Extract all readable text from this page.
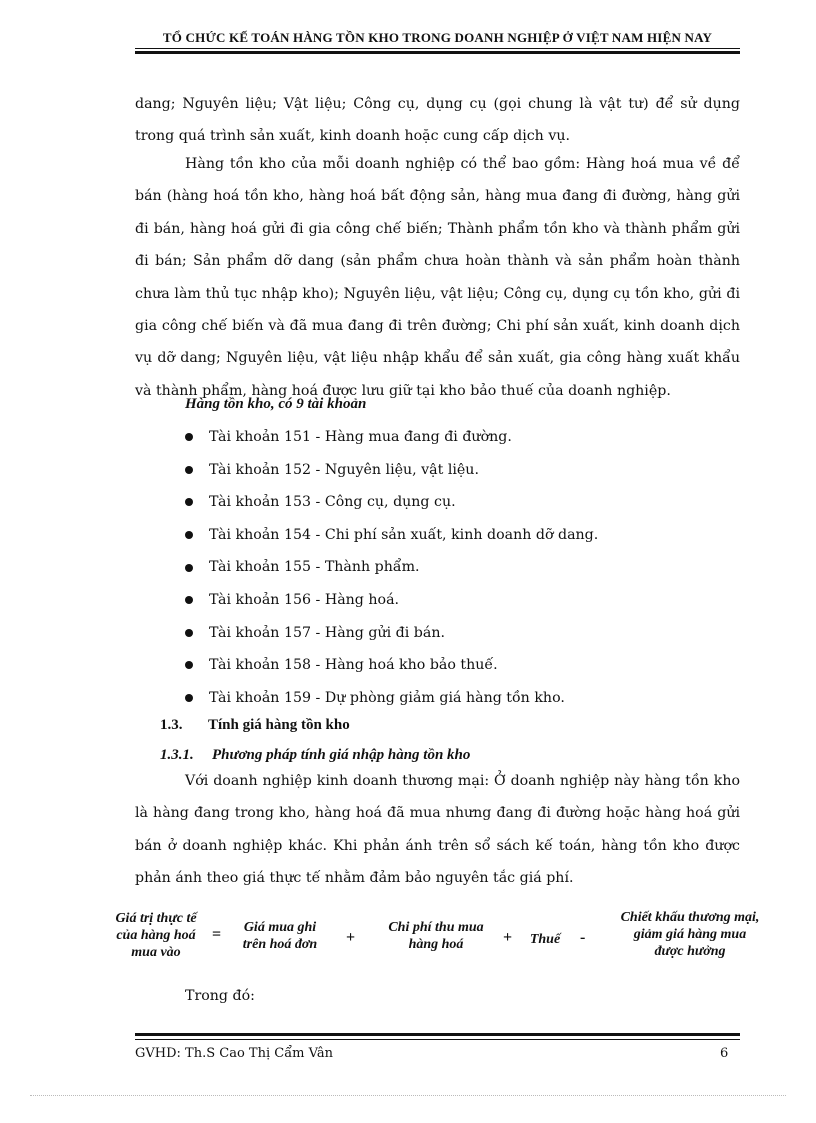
TỔ CHỨC KẾ TOÁN HÀNG TỒN KHO TRONG DOANH NGHIỆP Ở VIỆT NAM HIỆN NAY

dang; Nguyên liệu; Vật liệu; Công cụ, dụng cụ (gọi chung là vật tư) để sử dụng trong quá trình sản xuất, kinh doanh hoặc cung cấp dịch vụ.

Hàng tồn kho của mỗi doanh nghiệp có thể bao gồm: Hàng hoá mua về để bán (hàng hoá tồn kho, hàng hoá bất động sản, hàng mua đang đi đường, hàng gửi đi bán, hàng hoá gửi đi gia công chế biến; Thành phẩm tồn kho và thành phẩm gửi đi bán; Sản phẩm dỡ dang (sản phẩm chưa hoàn thành và sản phẩm hoàn thành chưa làm thủ tục nhập kho); Nguyên liệu, vật liệu; Công cụ, dụng cụ tồn kho, gửi đi gia công chế biến và đã mua đang đi trên đường; Chi phí sản xuất, kinh doanh dịch vụ dỡ dang; Nguyên liệu, vật liệu nhập khẩu để sản xuất, gia công hàng xuất khẩu và thành phẩm, hàng hoá được lưu giữ tại kho bảo thuế của doanh nghiệp.

Hàng tồn kho, có 9 tài khoản
Tài khoản 151 - Hàng mua đang đi đường.
Tài khoản 152 - Nguyên liệu, vật liệu.
Tài khoản 153 - Công cụ, dụng cụ.
Tài khoản 154 - Chi phí sản xuất, kinh doanh dỡ dang.
Tài khoản 155 - Thành phẩm.
Tài khoản 156 - Hàng hoá.
Tài khoản 157 - Hàng gửi đi bán.
Tài khoản 158 - Hàng hoá kho bảo thuế.
Tài khoản 159 - Dự phòng giảm giá hàng tồn kho.
1.3. Tính giá hàng tồn kho
1.3.1. Phương pháp tính giá nhập hàng tồn kho

Với doanh nghiệp kinh doanh thương mại: Ở doanh nghiệp này hàng tồn kho là hàng đang trong kho, hàng hoá đã mua nhưng đang đi đường hoặc hàng hoá gửi bán ở doanh nghiệp khác. Khi phản ánh trên sổ sách kế toán, hàng tồn kho được phản ánh theo giá thực tế nhằm đảm bảo nguyên tắc giá phí.

Giá trị thực tế
của hàng hoá
mua vào
=	Giá mua ghi
trên hoá đơn	+
Chi phí thu mua
hàng hoá	+	Thuế	-
Chiết khấu thương mại,
giảm giá hàng mua
được hưởng

Trong đó:

GVHD: Th.S Cao Thị Cẩm Vân	6
